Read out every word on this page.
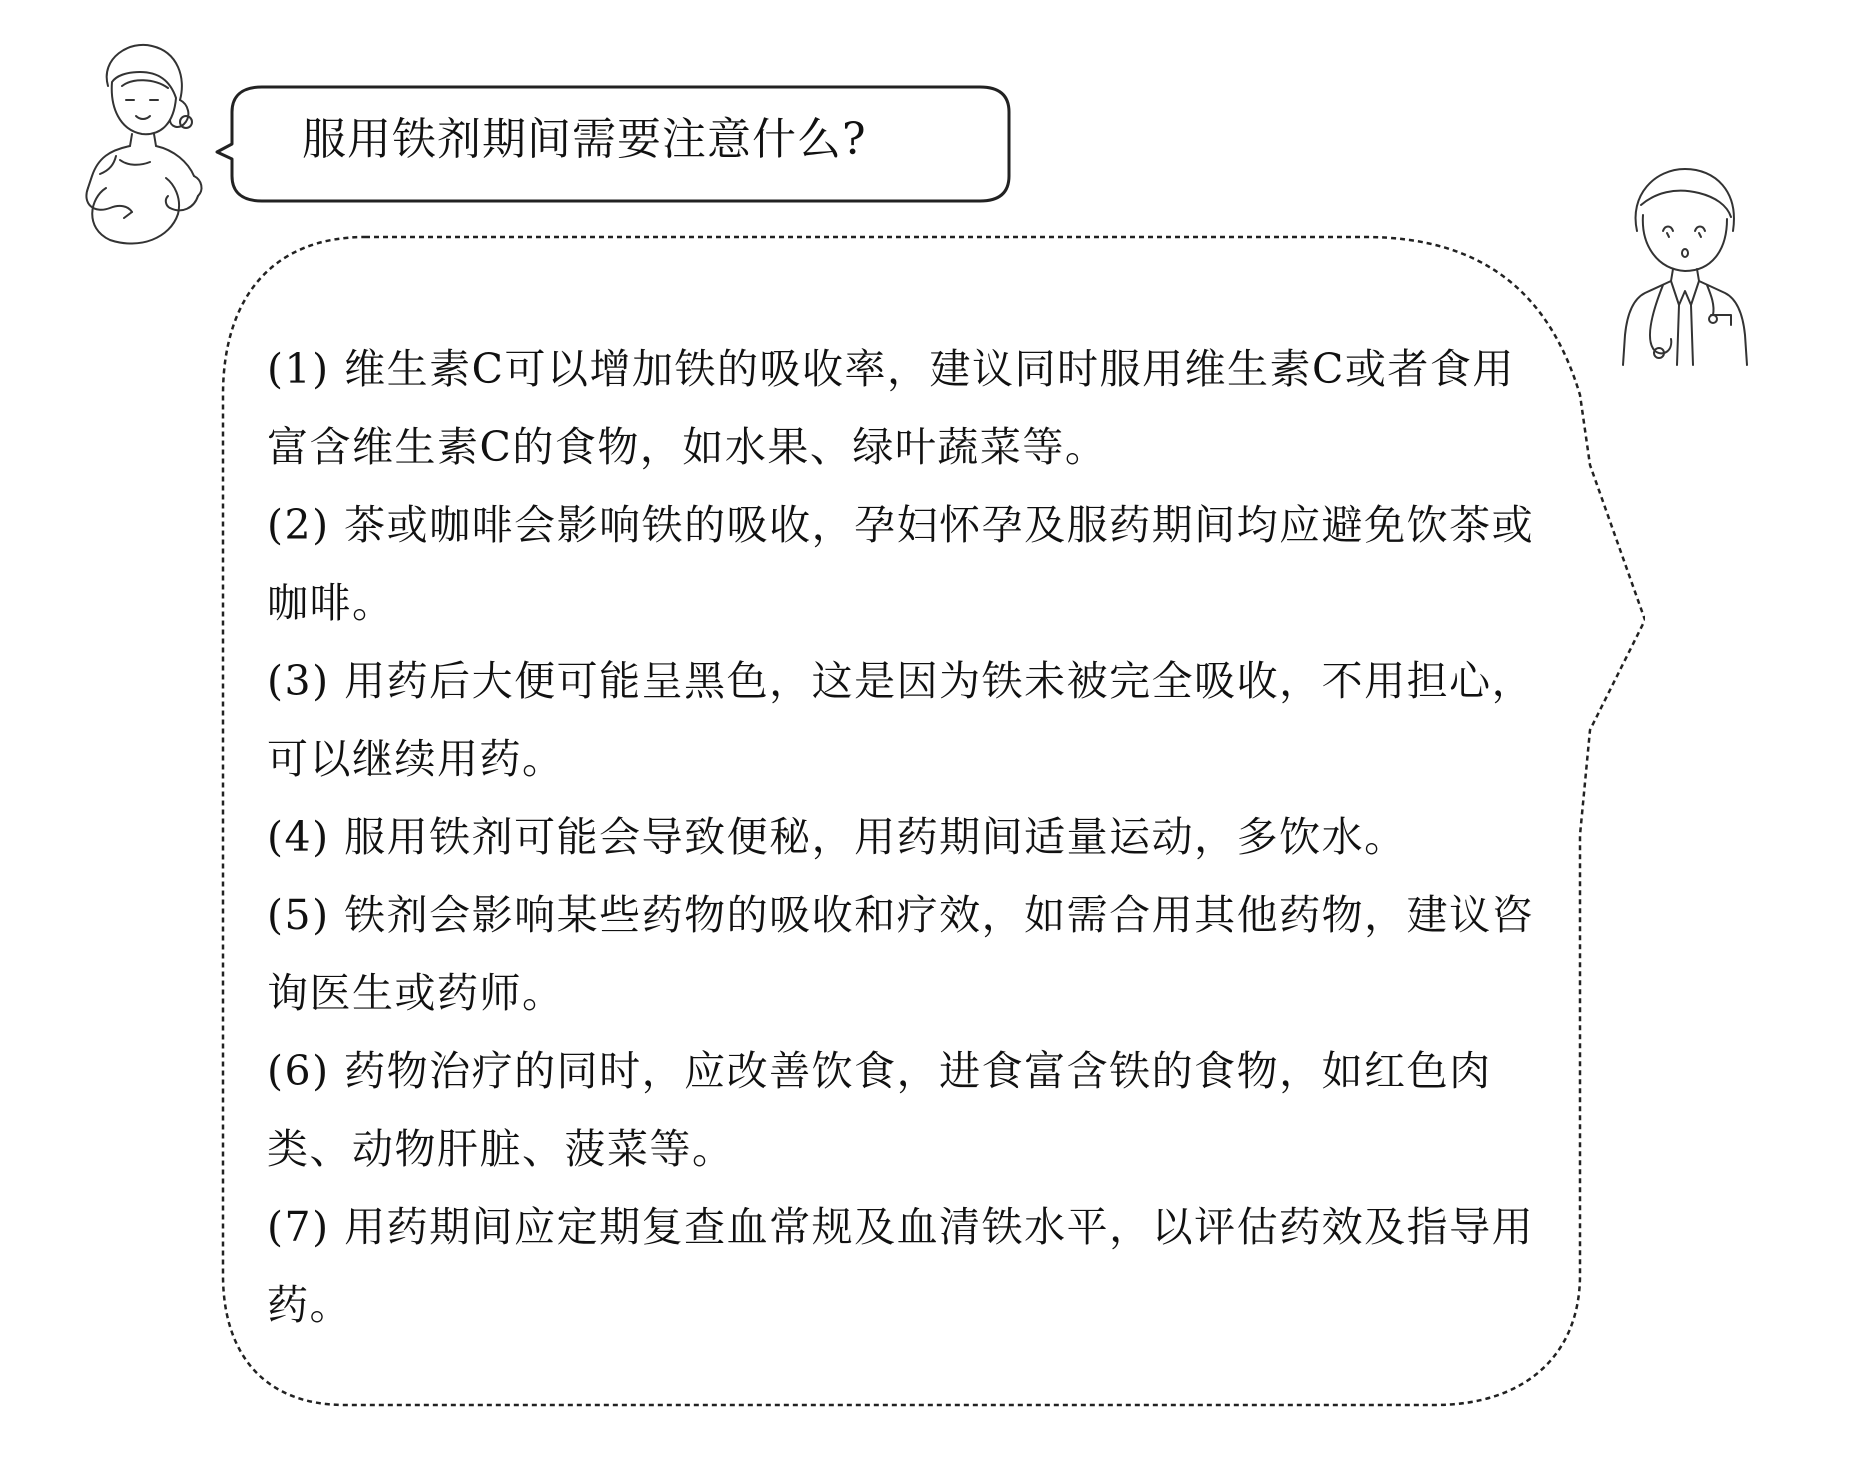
服用铁剂期间需要注意什么?
(1) 维生素C可以增加铁的吸收率，建议同时服用维生素C或者食用富含维生素C的食物，如水果、绿叶蔬菜等。
(2) 茶或咖啡会影响铁的吸收，孕妇怀孕及服药期间均应避免饮茶或咖啡。
(3) 用药后大便可能呈黑色，这是因为铁未被完全吸收，不用担心，可以继续用药。
(4) 服用铁剂可能会导致便秘，用药期间适量运动，多饮水。
(5) 铁剂会影响某些药物的吸收和疗效，如需合用其他药物，建议咨询医生或药师。
(6) 药物治疗的同时，应改善饮食，进食富含铁的食物，如红色肉类、动物肝脏、菠菜等。
(7) 用药期间应定期复查血常规及血清铁水平，以评估药效及指导用药。
